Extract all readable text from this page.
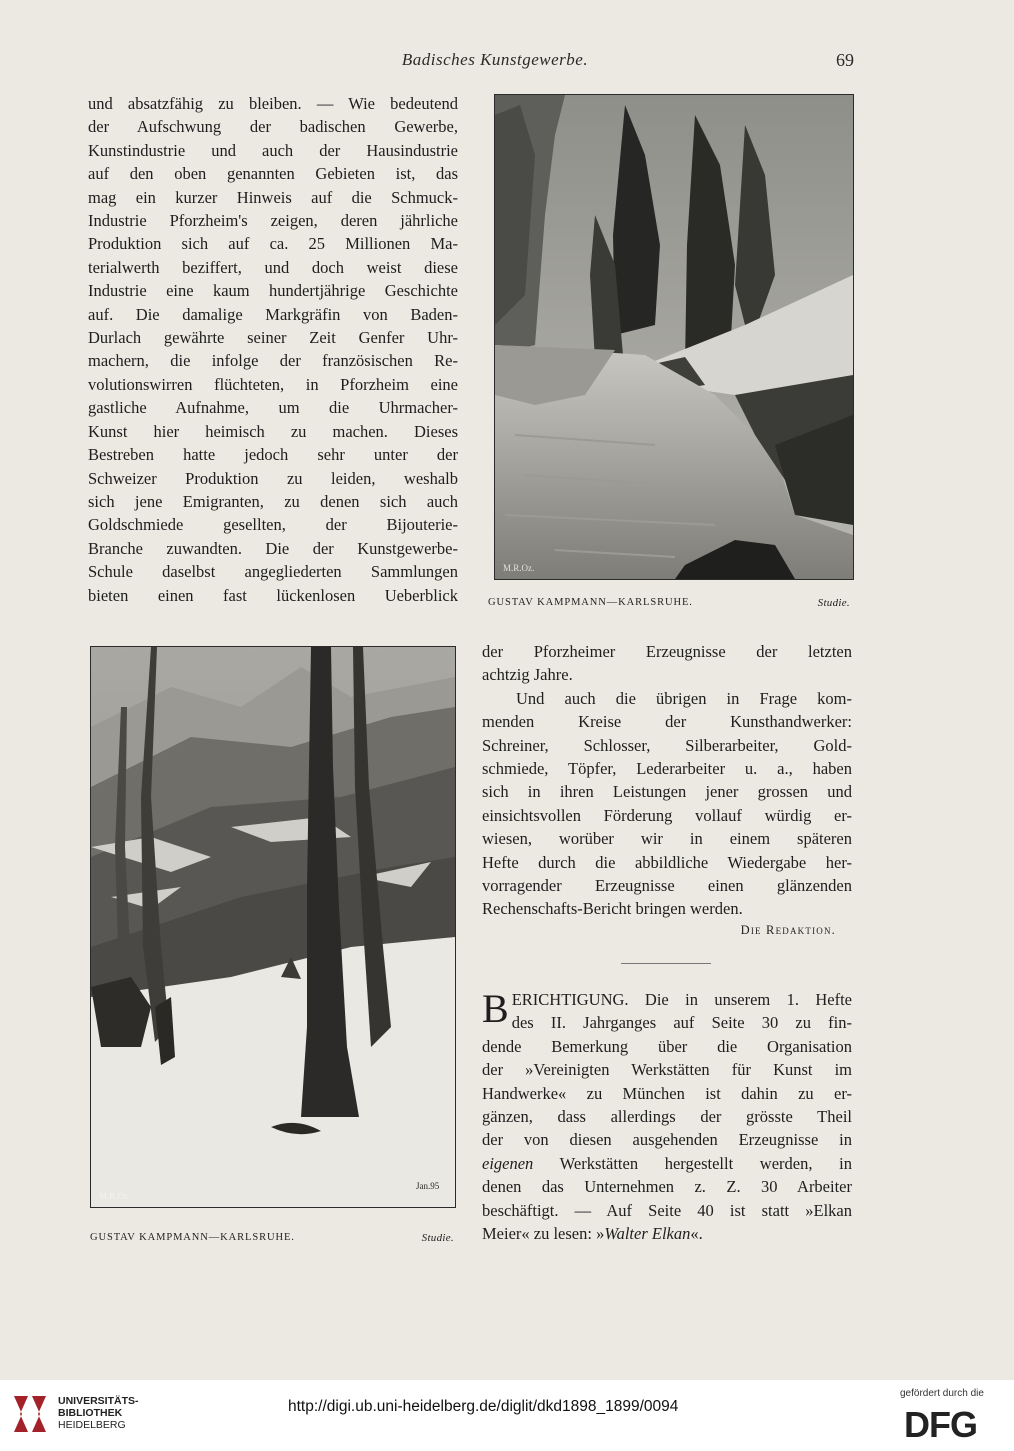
Badisches Kunstgewerbe.	69
und absatzfähig zu bleiben. — Wie bedeutend
der Aufschwung der badischen Gewerbe,
Kunstindustrie und auch der Hausindustrie
auf den oben genannten Gebieten ist, das
mag ein kurzer Hinweis auf die Schmuck-
Industrie Pforzheim's zeigen, deren jährliche
Produktion sich auf ca. 25 Millionen Ma-
terialwerth beziffert, und doch weist diese
Industrie eine kaum hundertjährige Geschichte
auf. Die damalige Markgräfin von Baden-
Durlach gewährte seiner Zeit Genfer Uhr-
machern, die infolge der französischen Re-
volutionswirren flüchteten, in Pforzheim eine
gastliche Aufnahme, um die Uhrmacher-
Kunst hier heimisch zu machen. Dieses
Bestreben hatte jedoch sehr unter der
Schweizer Produktion zu leiden, weshalb
sich jene Emigranten, zu denen sich auch
Goldschmiede gesellten, der Bijouterie-
Branche zuwandten. Die der Kunstgewerbe-
Schule daselbst angegliederten Sammlungen
bieten einen fast lückenlosen Ueberblick
M.R.Oz.
GUSTAV KAMPMANN—KARLSRUHE.	Studie.
M.R.Oz.
Jan.95
GUSTAV KAMPMANN—KARLSRUHE.	Studie.
der Pforzheimer Erzeugnisse der letzten
achtzig Jahre.
Und auch die übrigen in Frage kom-
menden Kreise der Kunsthandwerker:
Schreiner, Schlosser, Silberarbeiter, Gold-
schmiede, Töpfer, Lederarbeiter u. a., haben
sich in ihren Leistungen jener grossen und
einsichtsvollen Förderung vollauf würdig er-
wiesen, worüber wir in einem späteren
Hefte durch die abbildliche Wiedergabe her-
vorragender Erzeugnisse einen glänzenden
Rechenschafts-Bericht bringen werden.
Die Redaktion.
B ERICHTIGUNG. Die in unserem 1. Hefte
des II. Jahrganges auf Seite 30 zu fin-
dende Bemerkung über die Organisation
der »Vereinigten Werkstätten für Kunst im
Handwerke« zu München ist dahin zu er-
gänzen, dass allerdings der grösste Theil
der von diesen ausgehenden Erzeugnisse in
eigenen Werkstätten hergestellt werden, in
denen das Unternehmen z. Z. 30 Arbeiter
beschäftigt. — Auf Seite 40 ist statt »Elkan
Meier« zu lesen: »Walter Elkan«.
UNIVERSITÄTS-
BIBLIOTHEK
HEIDELBERG
http://digi.ub.uni-heidelberg.de/diglit/dkd1898_1899/0094
gefördert durch die
DFG
